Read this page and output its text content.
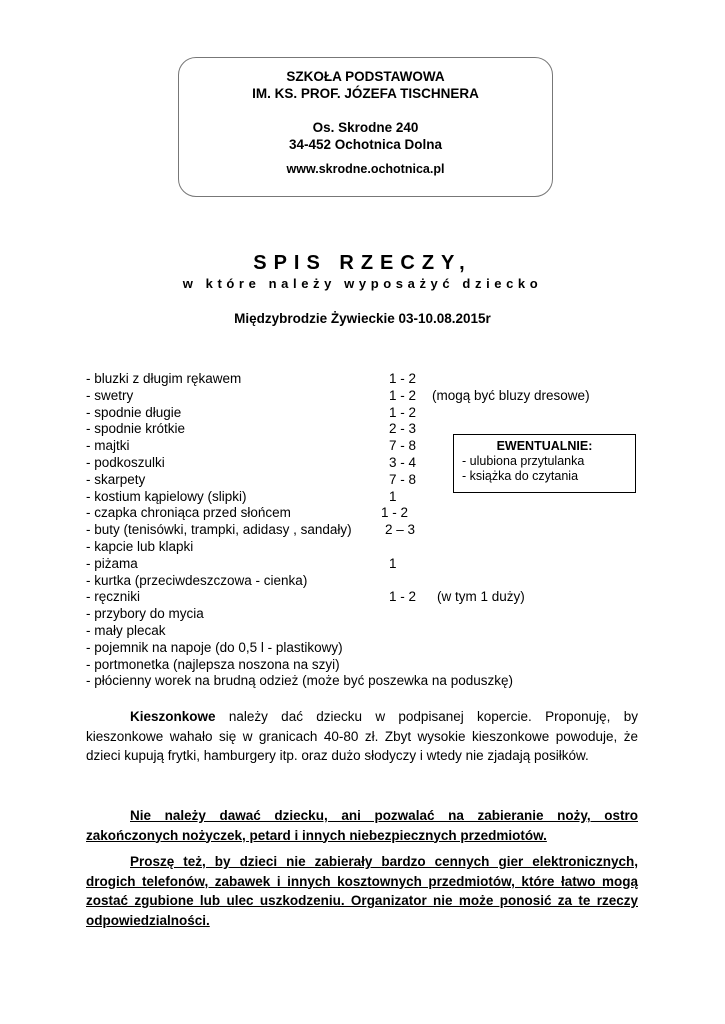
SZKOŁA PODSTAWOWA
IM. KS. PROF. JÓZEFA TISCHNERA
Os. Skrodne 240
34-452 Ochotnica Dolna
www.skrodne.ochotnica.pl
SPIS RZECZY,
w które należy wyposażyć dziecko
Międzybrodzie Żywieckie 03-10.08.2015r
- bluzki z długim rękawem	1 - 2
- swetry	1 - 2 (mogą być bluzy dresowe)
- spodnie długie	1 - 2
- spodnie krótkie	2 - 3
- majtki	7 - 8
- podkoszulki	3 - 4
- skarpety	7 - 8
- kostium kąpielowy (slipki)	1
- czapka chroniąca przed słońcem	1 - 2
- buty (tenisówki, trampki, adidasy , sandały) 2 – 3
- kapcie lub klapki
- piżama	1
- kurtka (przeciwdeszczowa - cienka)
- ręczniki	1 - 2 (w tym 1 duży)
- przybory do mycia
- mały plecak
- pojemnik na napoje (do 0,5 l - plastikowy)
- portmonetka (najlepsza noszona na szyi)
- płócienny worek na brudną odzież (może być poszewka na poduszkę)
EWENTUALNIE:
- ulubiona przytulanka
- książka do czytania
Kieszonkowe należy dać dziecku w podpisanej kopercie. Proponuję, by kieszonkowe wahało się w granicach 40-80 zł. Zbyt wysokie kieszonkowe powoduje, że dzieci kupują frytki, hamburgery itp. oraz dużo słodyczy i wtedy nie zjadają posiłków.
Nie należy dawać dziecku, ani pozwalać na zabieranie noży, ostro zakończonych nożyczek, petard i innych niebezpiecznych przedmiotów.
Proszę też, by dzieci nie zabierały bardzo cennych gier elektronicznych, drogich telefonów, zabawek i innych kosztownych przedmiotów, które łatwo mogą zostać zgubione lub ulec uszkodzeniu. Organizator nie może ponosić za te rzeczy odpowiedzialności.
